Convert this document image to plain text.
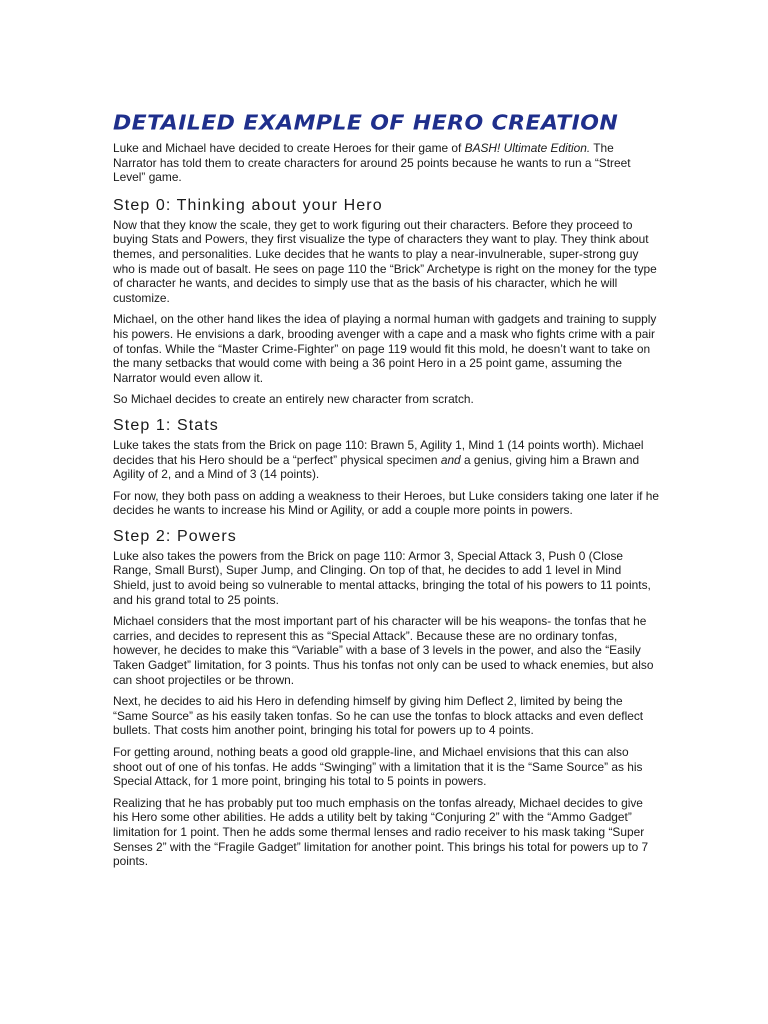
DETAILED EXAMPLE OF HERO CREATION

Luke and Michael have decided to create Heroes for their game of BASH! Ultimate Edition. The Narrator has told them to create characters for around 25 points because he wants to run a “Street Level” game.

Step 0: Thinking about your Hero

Now that they know the scale, they get to work figuring out their characters. Before they proceed to buying Stats and Powers, they first visualize the type of characters they want to play. They think about themes, and personalities. Luke decides that he wants to play a near-invulnerable, super-strong guy who is made out of basalt. He sees on page 110 the “Brick” Archetype is right on the money for the type of character he wants, and decides to simply use that as the basis of his character, which he will customize.

Michael, on the other hand likes the idea of playing a normal human with gadgets and training to supply his powers. He envisions a dark, brooding avenger with a cape and a mask who fights crime with a pair of tonfas. While the “Master Crime-Fighter” on page 119 would fit this mold, he doesn’t want to take on the many setbacks that would come with being a 36 point Hero in a 25 point game, assuming the Narrator would even allow it.

So Michael decides to create an entirely new character from scratch.

Step 1: Stats

Luke takes the stats from the Brick on page 110: Brawn 5, Agility 1, Mind 1 (14 points worth). Michael decides that his Hero should be a “perfect” physical specimen and a genius, giving him a Brawn and Agility of 2, and a Mind of 3 (14 points).

For now, they both pass on adding a weakness to their Heroes, but Luke considers taking one later if he decides he wants to increase his Mind or Agility, or add a couple more points in powers.

Step 2: Powers

Luke also takes the powers from the Brick on page 110: Armor 3, Special Attack 3, Push 0 (Close Range, Small Burst), Super Jump, and Clinging. On top of that, he decides to add 1 level in Mind Shield, just to avoid being so vulnerable to mental attacks, bringing the total of his powers to 11 points, and his grand total to 25 points.

Michael considers that the most important part of his character will be his weapons- the tonfas that he carries, and decides to represent this as “Special Attack”. Because these are no ordinary tonfas, however, he decides to make this “Variable” with a base of 3 levels in the power, and also the “Easily Taken Gadget” limitation, for 3 points. Thus his tonfas not only can be used to whack enemies, but also can shoot projectiles or be thrown.

Next, he decides to aid his Hero in defending himself by giving him Deflect 2, limited by being the “Same Source” as his easily taken tonfas. So he can use the tonfas to block attacks and even deflect bullets. That costs him another point, bringing his total for powers up to 4 points.

For getting around, nothing beats a good old grapple-line, and Michael envisions that this can also shoot out of one of his tonfas. He adds “Swinging” with a limitation that it is the “Same Source” as his Special Attack, for 1 more point, bringing his total to 5 points in powers.

Realizing that he has probably put too much emphasis on the tonfas already, Michael decides to give his Hero some other abilities. He adds a utility belt by taking “Conjuring 2” with the “Ammo Gadget” limitation for 1 point. Then he adds some thermal lenses and radio receiver to his mask taking “Super Senses 2” with the “Fragile Gadget” limitation for another point. This brings his total for powers up to 7 points.
